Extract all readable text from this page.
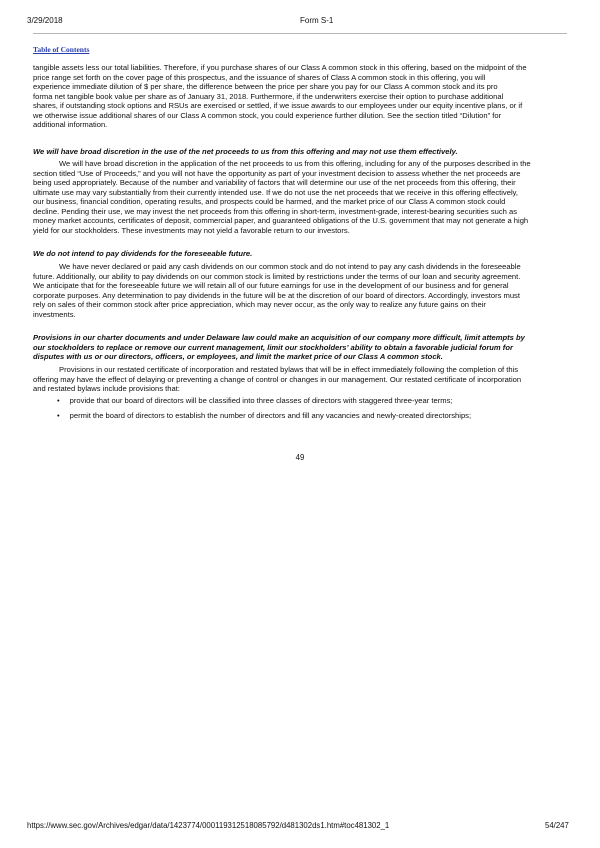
3/29/2018	Form S-1
Table of Contents
tangible assets less our total liabilities. Therefore, if you purchase shares of our Class A common stock in this offering, based on the midpoint of the
price range set forth on the cover page of this prospectus, and the issuance of shares of Class A common stock in this offering, you will
experience immediate dilution of $ per share, the difference between the price per share you pay for our Class A common stock and its pro
forma net tangible book value per share as of January 31, 2018. Furthermore, if the underwriters exercise their option to purchase additional
shares, if outstanding stock options and RSUs are exercised or settled, if we issue awards to our employees under our equity incentive plans, or if
we otherwise issue additional shares of our Class A common stock, you could experience further dilution. See the section titled “Dilution” for
additional information.
We will have broad discretion in the use of the net proceeds to us from this offering and may not use them effectively.
We will have broad discretion in the application of the net proceeds to us from this offering, including for any of the purposes described in the
section titled “Use of Proceeds,” and you will not have the opportunity as part of your investment decision to assess whether the net proceeds are
being used appropriately. Because of the number and variability of factors that will determine our use of the net proceeds from this offering, their
ultimate use may vary substantially from their currently intended use. If we do not use the net proceeds that we receive in this offering effectively,
our business, financial condition, operating results, and prospects could be harmed, and the market price of our Class A common stock could
decline. Pending their use, we may invest the net proceeds from this offering in short-term, investment-grade, interest-bearing securities such as
money market accounts, certificates of deposit, commercial paper, and guaranteed obligations of the U.S. government that may not generate a high
yield for our stockholders. These investments may not yield a favorable return to our investors.
We do not intend to pay dividends for the foreseeable future.
We have never declared or paid any cash dividends on our common stock and do not intend to pay any cash dividends in the foreseeable
future. Additionally, our ability to pay dividends on our common stock is limited by restrictions under the terms of our loan and security agreement.
We anticipate that for the foreseeable future we will retain all of our future earnings for use in the development of our business and for general
corporate purposes. Any determination to pay dividends in the future will be at the discretion of our board of directors. Accordingly, investors must
rely on sales of their common stock after price appreciation, which may never occur, as the only way to realize any future gains on their
investments.
Provisions in our charter documents and under Delaware law could make an acquisition of our company more difficult, limit attempts by
our stockholders to replace or remove our current management, limit our stockholders’ ability to obtain a favorable judicial forum for
disputes with us or our directors, officers, or employees, and limit the market price of our Class A common stock.
Provisions in our restated certificate of incorporation and restated bylaws that will be in effect immediately following the completion of this
offering may have the effect of delaying or preventing a change of control or changes in our management. Our restated certificate of incorporation
and restated bylaws include provisions that:
• provide that our board of directors will be classified into three classes of directors with staggered three-year terms;
• permit the board of directors to establish the number of directors and fill any vacancies and newly-created directorships;
49
https://www.sec.gov/Archives/edgar/data/1423774/000119312518085792/d481302ds1.htm#toc481302_1	54/247
